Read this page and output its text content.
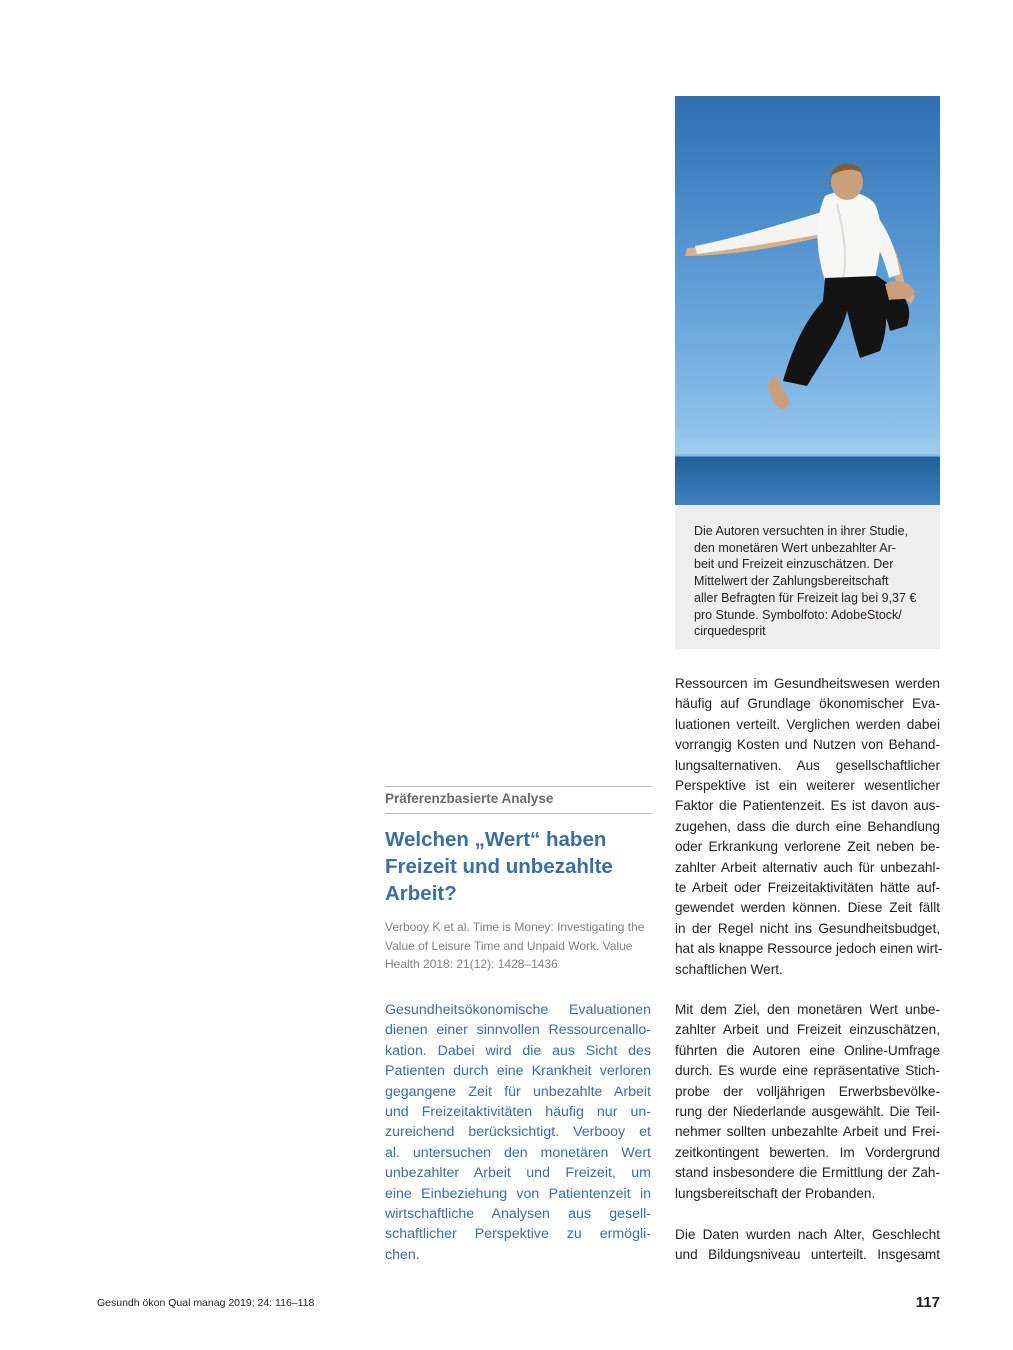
Die Autoren versuchten in ihrer Studie,
den monetären Wert unbezahlter Ar-
beit und Freizeit einzuschätzen. Der
Mittelwert der Zahlungsbereitschaft
aller Befragten für Freizeit lag bei 9,37 €
pro Stunde. Symbolfoto: AdobeStock/
cirquedesprit
Präferenzbasierte Analyse
Welchen „Wert“ haben
Freizeit und unbezahlte
Arbeit?
Verbooy K et al. Time is Money: Investigating the
Value of Leisure Time and Unpaid Work. Value
Health 2018: 21(12): 1428–1436
Gesundheitsökonomische Evaluationen
dienen einer sinnvollen Ressourcenallo-
kation. Dabei wird die aus Sicht des
Patienten durch eine Krankheit verloren
gegangene Zeit für unbezahlte Arbeit
und Freizeitaktivitäten häufig nur un-
zureichend berücksichtigt. Verbooy et
al. untersuchen den monetären Wert
unbezahlter Arbeit und Freizeit, um
eine Einbeziehung von Patientenzeit in
wirtschaftliche Analysen aus gesell-
schaftlicher Perspektive zu ermögli-
chen.
Ressourcen im Gesundheitswesen werden
häufig auf Grundlage ökonomischer Eva-
luationen verteilt. Verglichen werden dabei
vorrangig Kosten und Nutzen von Behand-
lungsalternativen. Aus gesellschaftlicher
Perspektive ist ein weiterer wesentlicher
Faktor die Patientenzeit. Es ist davon aus-
zugehen, dass die durch eine Behandlung
oder Erkrankung verlorene Zeit neben be-
zahlter Arbeit alternativ auch für unbezahl-
te Arbeit oder Freizeitaktivitäten hätte auf-
gewendet werden können. Diese Zeit fällt
in der Regel nicht ins Gesundheitsbudget,
hat als knappe Ressource jedoch einen wirt-
schaftlichen Wert.
Mit dem Ziel, den monetären Wert unbe-
zahlter Arbeit und Freizeit einzuschätzen,
führten die Autoren eine Online-Umfrage
durch. Es wurde eine repräsentative Stich-
probe der volljährigen Erwerbsbevölke-
rung der Niederlande ausgewählt. Die Teil-
nehmer sollten unbezahlte Arbeit und Frei-
zeitkontingent bewerten. Im Vordergrund
stand insbesondere die Ermittlung der Zah-
lungsbereitschaft der Probanden.
Die Daten wurden nach Alter, Geschlecht
und Bildungsniveau unterteilt. Insgesamt
Gesundh ökon Qual manag 2019; 24: 116–118	117
